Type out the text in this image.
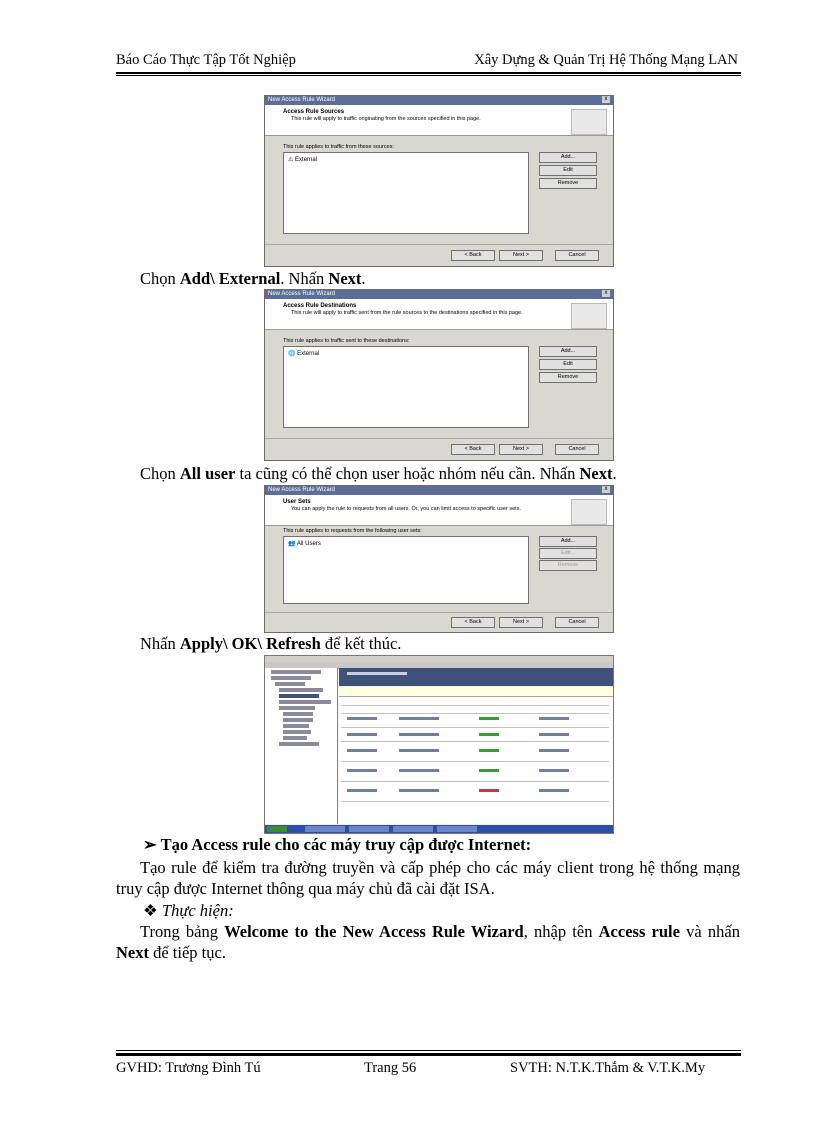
Báo Cáo Thực Tập Tốt Nghiệp	Xây Dựng & Quản Trị Hệ Thống Mạng LAN
New Access Rule Wizard	x
Access Rule Sources
This rule will apply to traffic originating from the sources specified in this page.
This rule applies to traffic from these sources:
⚠ External	Add...
Edit
Remove
< Back	Next >	Cancel
Chọn Add\ External. Nhấn Next.
New Access Rule Wizard	x
Access Rule Destinations
This rule will apply to traffic sent from the rule sources to the destinations specified in this page.
This rule applies to traffic sent to these destinations:
🌐 External	Add...
Edit
Remove
< Back	Next >	Cancel
Chọn All user ta cũng có thể chọn user hoặc nhóm nếu cần. Nhấn Next.
New Access Rule Wizard	x
User Sets
You can apply the rule to requests from all users. Or, you can limit access to specific user sets.
This rule applies to requests from the following user sets:
👥 All Users	Add...
Edit...
Remove
< Back	Next >	Cancel
Nhấn Apply\ OK\ Refresh để kết thúc.
➢ Tạo Access rule cho các máy truy cập được Internet:
Tạo rule để kiểm tra đường truyền và cấp phép cho các máy client trong hệ thống mạng truy cập được Internet thông qua máy chủ đã cài đặt ISA.
❖ Thực hiện:
Trong bảng Welcome to the New Access Rule Wizard, nhập tên Access rule và nhấn Next để tiếp tục.
GVHD: Trương Đình Tú	Trang 56	SVTH: N.T.K.Thắm & V.T.K.My
